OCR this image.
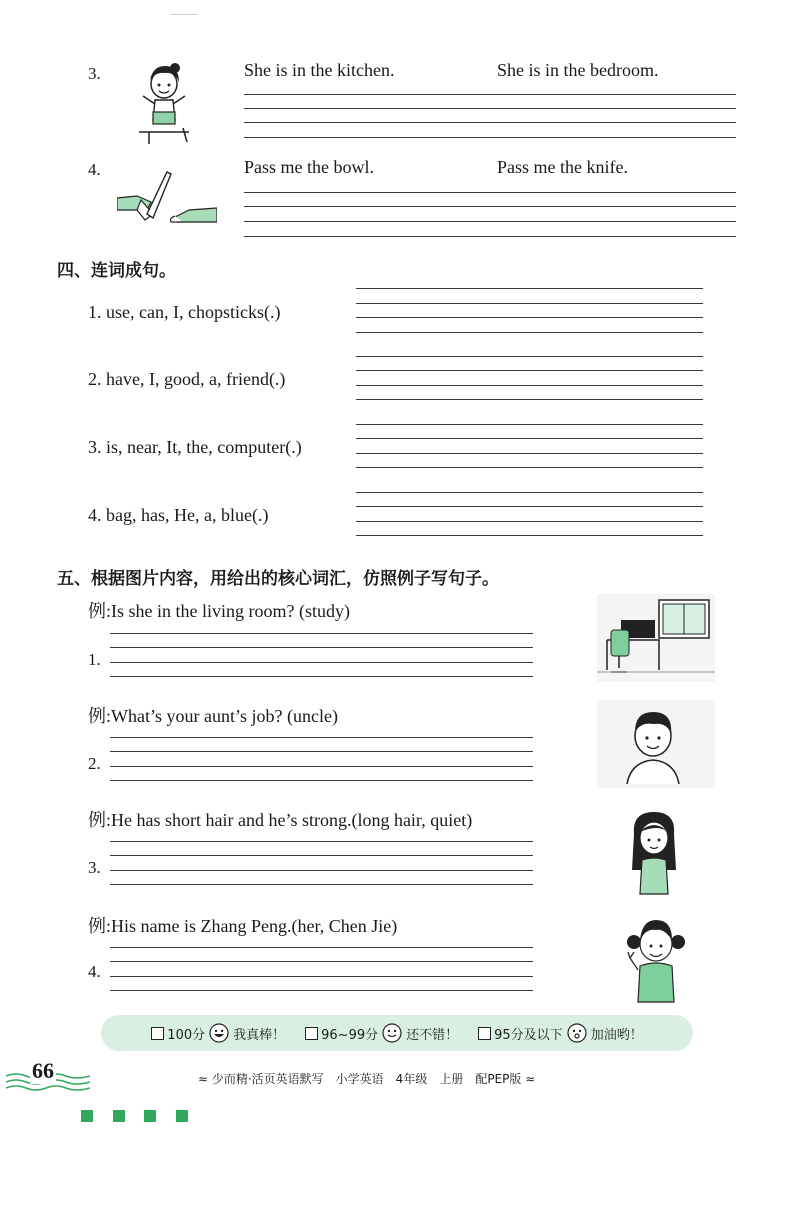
3.	She is in the kitchen.	She is in the bedroom.
4.	Pass me the bowl.	Pass me the knife.
四、连词成句。
1. use, can, I, chopsticks(.)
2. have, I, good, a, friend(.)
3. is, near, It, the, computer(.)
4. bag, has, He, a, blue(.)
五、根据图片内容，用给出的核心词汇，仿照例子写句子。
例:Is she in the living room? (study)
1.
例:What’s your aunt’s job? (uncle)
2.
例:He has short hair and he’s strong.(long hair, quiet)
3.
例:His name is Zhang Peng.(her, Chen Jie)
4.
100分 我真棒！	96~99分 还不错！	95分及以下 加油哟！
66	≈ 少而精·活页英语默写　小学英语　4年级　上册　配PEP版 ≈
